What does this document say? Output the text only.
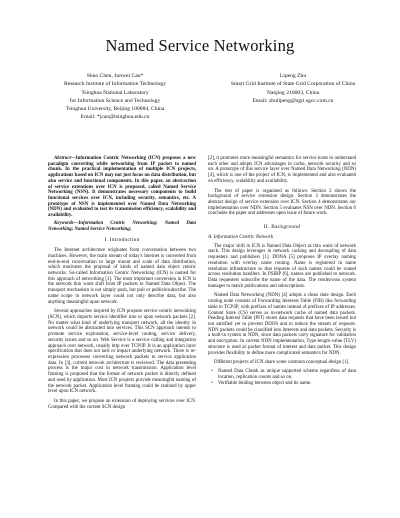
Named Service Networking
Shuo Chen, Junwei Cao*
Research Institute of Information Technology
Tsinghua National Laboratory
for Information Science and Technology
Tsinghua University, Beijing 100084, China
Email: *jcao@tsinghua.edu.cn
Lipeng Zhu
Smart Grid Institute of State Grid Corporation of China
Nanjing 210003, China
Email: zhulipeng@sgri.sgcc.com.cn

Abstract—Information Centric Networking (ICN) proposes a new paradigm converting while networking from IP packet to named chunk. In the practical implementation of multiple ICN projects, applications based on ICN may not just focus on data distribution, but also service and functional components. In this paper, an abstraction of service extensions over ICN is proposed, called Named Service Networking (NSN). It demonstrates necessary components to build functional services over ICN, including security, semantics, etc. A prototype of NSN is implemented over Named Data Networking (NDN) and evaluated to test its transmission efficiency, scalability and availability.

Keywords—Information Centric Networking; Named Data Networking; Named Service Networking;

I. Introduction

The Internet architecture originates from conversation between two machines. However, the main stream of today's Internet is converted from end-to-end conversation to large mount and scale of data distribution, which motivates the proposal of kinds of named data object centric networks. So-called Information Centric Networking (ICN) is named for this approach of networking [1]. The most important conversion in ICN is the network thin waist shift from IP packets to Named Data Object. The transport mechanism is not simply push, but pull or publish/subscribe. The name scope in network layer could not only describe data, but also anything meaningful upon network.

Several approaches inspired by ICN propose service centric networking (SCN), which imports service identifier into or upon network packets [2]. No matter what kind of underlying transport network, all the identity in network could be abstracted into services. This SCN approach intends to promote service exploration, service-level routing, service delivery, security issues and so on. Web Service is a service calling and integration approach over network, usually http over TCP/IP. It is an application layer specification that does not lack or impact underlying network. There is re-expression processes converting network packets to service application data. In [3], current network architecture is reviewed. The data presenting process is the major cost in network transmission. Application level framing is proposed that the format of network packet is directly defined and used by application. Most ICN projects provide meaningful naming of the network packet. Application level framing could be realized by upper level upon ICN network.

In this paper, we propose an extension of deploying services over ICN. Compared with the current SCN design

[2], it promotes more meaningful semantics for service hosts to understand each other and adopts ICN advantages in cache, network security and so on. A prototype of this service layer over Named Data Networking (NDN) [4], which is one of the project of ICN, is implemented and also evaluated on efficiency, scalability and availability.

The rest of paper is organized as follows: Section 2 shows the background of service extension design. Section 3 demonstrates the abstract design of service extension over ICN. Section 4 demonstrates our implementation over NDN. Section 5 evaluates NSN over NDN. Section 6 concludes the paper and addresses open issue of future work.

II. Background
A. Information Centric Network

The major shift in ICN is Named Data Object as thin waist of network stack. This design leverages in network caching and decoupling of data requesters and publishers [1]. DONA [5] proposes IP overlay naming resolution with overlay name routing. Name is registered in name resolution infrastructure so that requests of such names could be routed across resolution handlers. In PSIRP [6], names are published to network. Data requesters subscribe the name of the data. The rendezvous system manages to match publications and subscriptions.

Named Data Networking (NDN) [4] adopts a clean slate design. Each routing node consists of Forwarding Interests Table (FIB) like forwarding table in TCP/IP, with prefixes of names instead of prefixes of IP addresses. Content Store (CS) serves as in-network cache of named data packets. Pending Interest Table (PIT) stores data requests that have been issued but not satisfied yet to prevent DDOS and to reduce the stream of requests. NDN packets could be classified into interests and data packets. Security is a built-in system in NDN, since data packets carry signature for validation and encryption. In current NDN implementation, Type-length-value (TLV) structure is used as packet format of interest and data packet. This design provides flexibility to define more complicated semantics for NDN.

Different projects of ICN share some common conceptual design [1].

• Named Data Chunk as unique supported scheme regardless of data location, replication counts and so on.
• Verifiable binding between object and its name.
